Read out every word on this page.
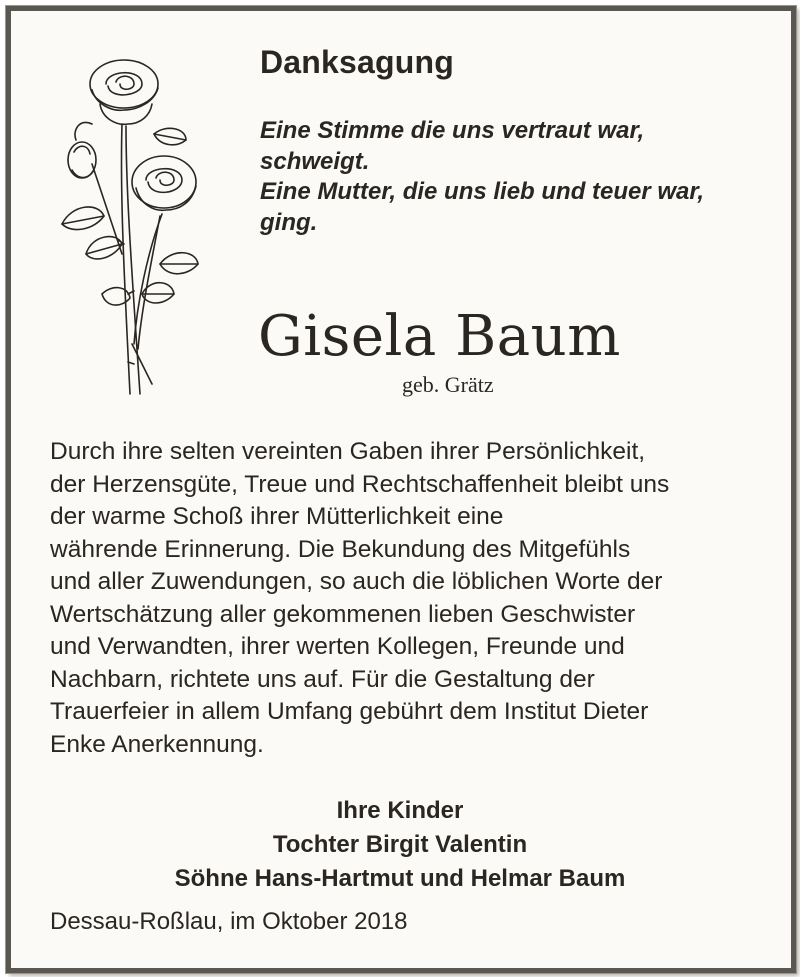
Danksagung
Eine Stimme die uns vertraut war,
schweigt.
Eine Mutter, die uns lieb und teuer war,
ging.
Gisela Baum
geb. Grätz
Durch ihre selten vereinten Gaben ihrer Persönlichkeit,
der Herzensgüte, Treue und Rechtschaffenheit bleibt uns
der warme Schoß ihrer Mütterlichkeit eine
währende Erinnerung. Die Bekundung des Mitgefühls
und aller Zuwendungen, so auch die löblichen Worte der
Wertschätzung aller gekommenen lieben Geschwister
und Verwandten, ihrer werten Kollegen, Freunde und
Nachbarn, richtete uns auf. Für die Gestaltung der
Trauerfeier in allem Umfang gebührt dem Institut Dieter
Enke Anerkennung.
Ihre Kinder
Tochter Birgit Valentin
Söhne Hans-Hartmut und Helmar Baum
Dessau-Roßlau, im Oktober 2018
